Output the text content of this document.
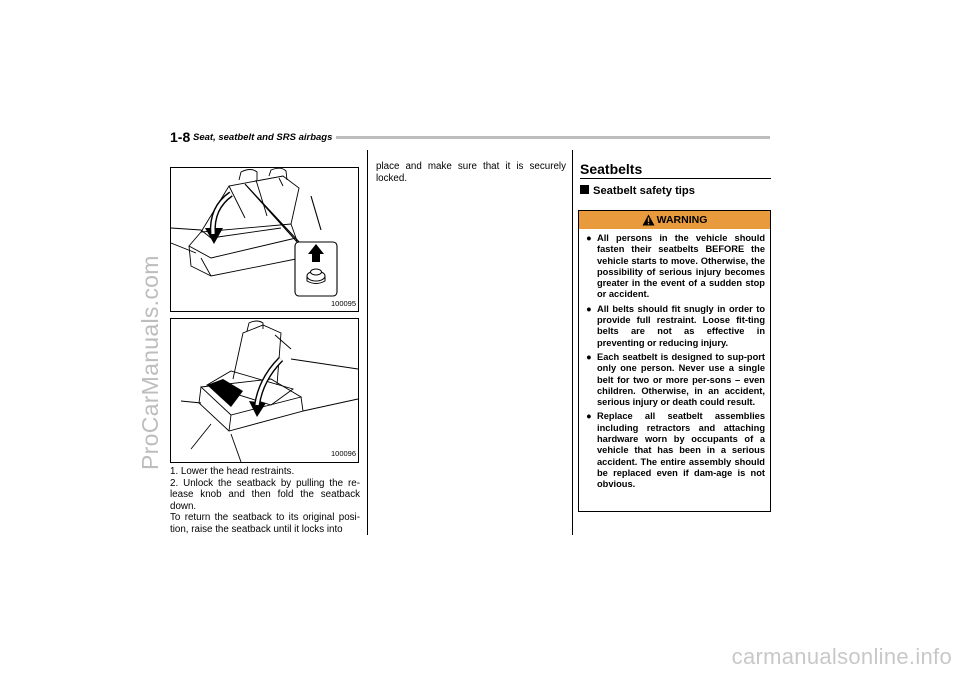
ProCarManuals.com
1-8 Seat, seatbelt and SRS airbags
100095
100096

1. Lower the head restraints.

2. Unlock the seatback by pulling the re-lease knob and then fold the seatback down.

To return the seatback to its original posi-tion, raise the seatback until it locks into

place and make sure that it is securely locked.

Seatbelts
Seatbelt safety tips
WARNING
● All persons in the vehicle should fasten their seatbelts BEFORE the vehicle starts to move. Otherwise, the possibility of serious injury becomes greater in the event of a sudden stop or accident.
● All belts should fit snugly in order to provide full restraint. Loose fit-ting belts are not as effective in preventing or reducing injury.
● Each seatbelt is designed to sup-port only one person. Never use a single belt for two or more per-sons – even children. Otherwise, in an accident, serious injury or death could result.
● Replace all seatbelt assemblies including retractors and attaching hardware worn by occupants of a vehicle that has been in a serious accident. The entire assembly should be replaced even if dam-age is not obvious.
carmanualsonline.info
